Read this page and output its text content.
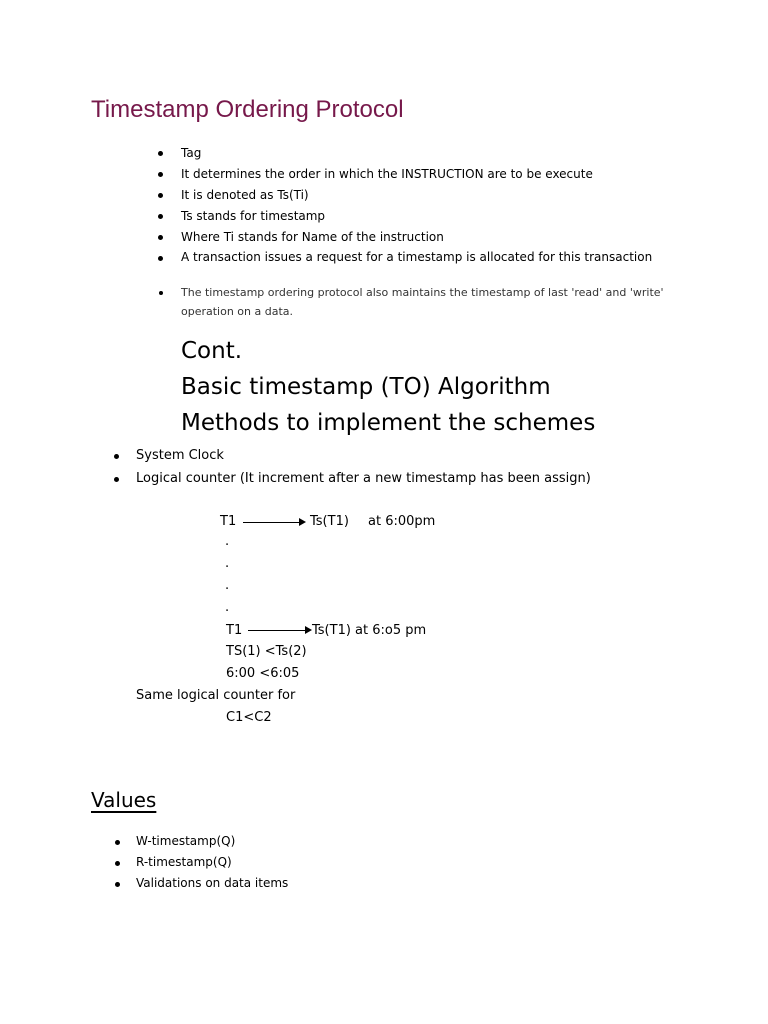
Timestamp Ordering Protocol
Tag
It determines the order in which the INSTRUCTION are to be execute
It is denoted as Ts(Ti)
Ts stands for timestamp
Where Ti stands for Name of the instruction
A transaction issues a request for a timestamp is allocated for this transaction
The timestamp ordering protocol also maintains the timestamp of last 'read' and 'write'
operation on a data.
Cont.
Basic timestamp (TO) Algorithm
Methods to implement the schemes
System Clock
Logical counter (It increment after a new timestamp has been assign)
T1	Ts(T1) at 6:00pm
.
.
.
.
T1	Ts(T1) at 6:o5 pm
TS(1) <Ts(2)
6:00 <6:05
Same logical counter for
C1<C2
Values
W-timestamp(Q)
R-timestamp(Q)
Validations on data items
